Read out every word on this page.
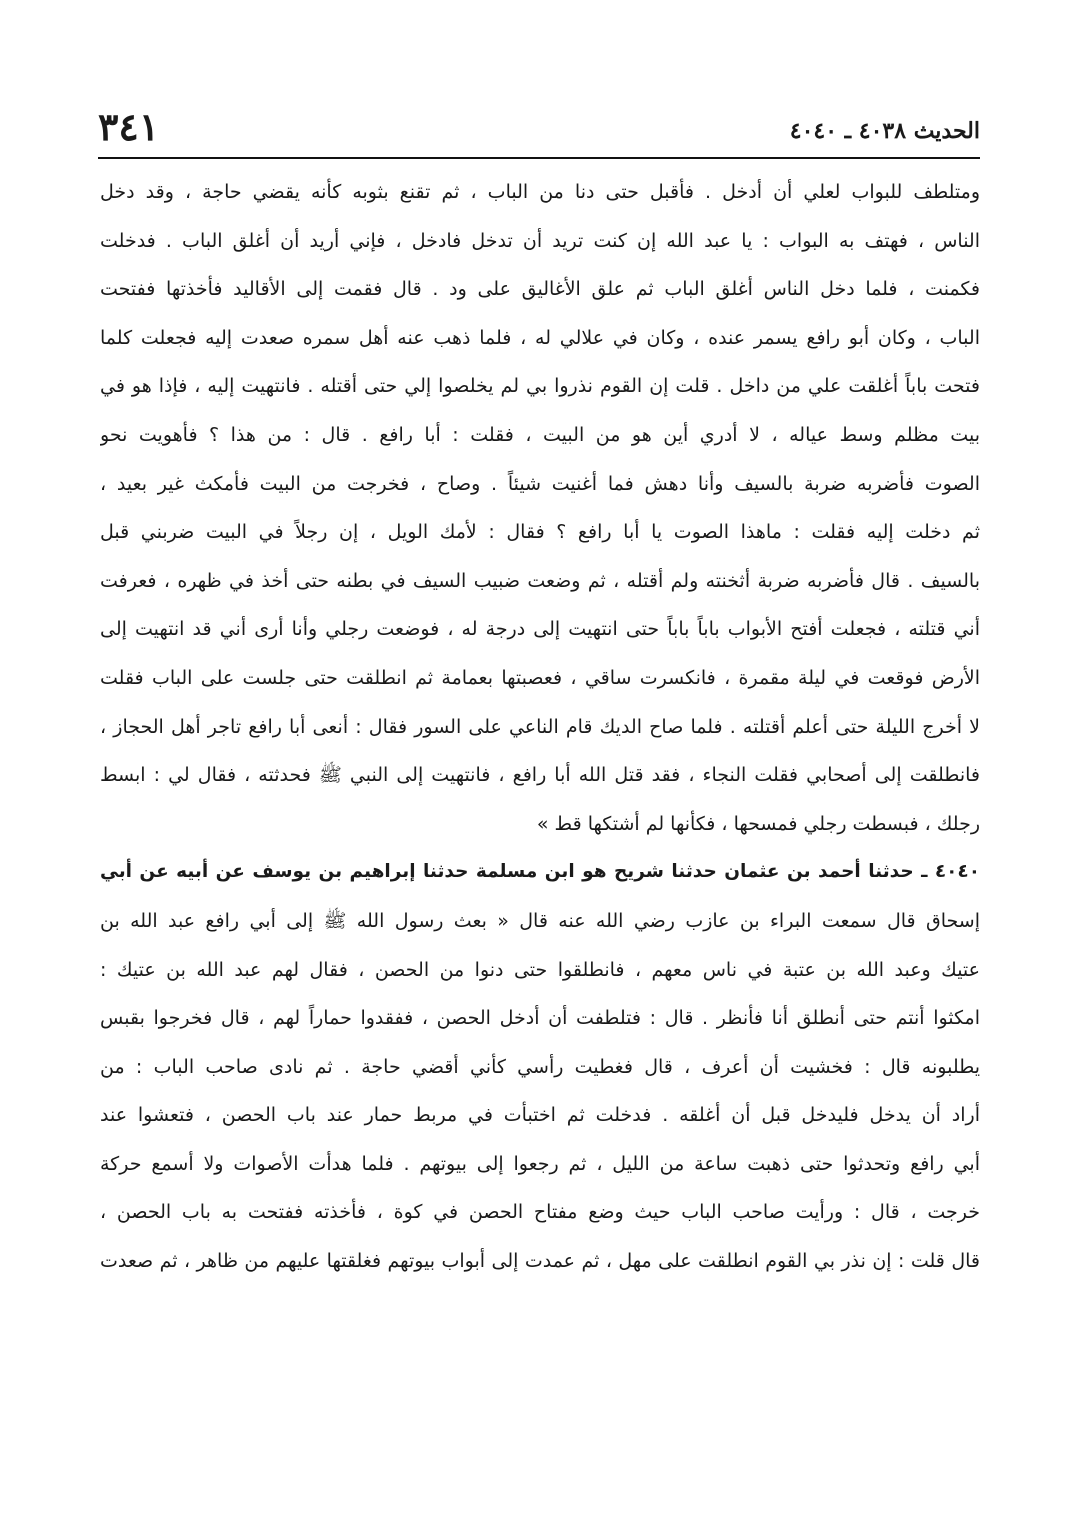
٣٤١	الحديث ٤٠٣٨ ـ ٤٠٤٠
ومتلطف للبواب لعلي أن أدخل . فأقبل حتى دنا من الباب ، ثم تقنع بثوبه كأنه يقضي حاجة ، وقد دخل
الناس ، فهتف به البواب : يا عبد الله إن كنت تريد أن تدخل فادخل ، فإني أريد أن أغلق الباب . فدخلت
فكمنت ، فلما دخل الناس أغلق الباب ثم علق الأغاليق على ود . قال فقمت إلى الأقاليد فأخذتها ففتحت
الباب ، وكان أبو رافع يسمر عنده ، وكان في علالي له ، فلما ذهب عنه أهل سمره صعدت إليه فجعلت كلما
فتحت باباً أغلقت علي من داخل . قلت إن القوم نذروا بي لم يخلصوا إلي حتى أقتله . فانتهيت إليه ، فإذا هو في
بيت مظلم وسط عياله ، لا أدري أين هو من البيت ، فقلت : أبا رافع . قال : من هذا ؟ فأهويت نحو
الصوت فأضربه ضربة بالسيف وأنا دهش فما أغنيت شيئاً . وصاح ، فخرجت من البيت فأمكث غير بعيد ،
ثم دخلت إليه فقلت : ماهذا الصوت يا أبا رافع ؟ فقال : لأمك الويل ، إن رجلاً في البيت ضربني قبل
بالسيف . قال فأضربه ضربة أثخنته ولم أقتله ، ثم وضعت ضبيب السيف في بطنه حتى أخذ في ظهره ، فعرفت
أني قتلته ، فجعلت أفتح الأبواب باباً باباً حتى انتهيت إلى درجة له ، فوضعت رجلي وأنا أرى أني قد انتهيت إلى
الأرض فوقعت في ليلة مقمرة ، فانكسرت ساقي ، فعصبتها بعمامة ثم انطلقت حتى جلست على الباب فقلت
لا أخرج الليلة حتى أعلم أقتلته . فلما صاح الديك قام الناعي على السور فقال : أنعى أبا رافع تاجر أهل الحجاز ،
فانطلقت إلى أصحابي فقلت النجاء ، فقد قتل الله أبا رافع ، فانتهيت إلى النبي ﷺ فحدثته ، فقال لي : ابسط
رجلك ، فبسطت رجلي فمسحها ، فكأنها لم أشتكها قط »
٤٠٤٠ ـ حدثنا أحمد بن عثمان حدثنا شريح هو ابن مسلمة حدثنا إبراهيم بن يوسف عن أبيه عن أبي
إسحاق قال سمعت البراء بن عازب رضي الله عنه قال « بعث رسول الله ﷺ إلى أبي رافع عبد الله بن
عتيك وعبد الله بن عتبة في ناس معهم ، فانطلقوا حتى دنوا من الحصن ، فقال لهم عبد الله بن عتيك :
امكثوا أنتم حتى أنطلق أنا فأنظر . قال : فتلطفت أن أدخل الحصن ، ففقدوا حماراً لهم ، قال فخرجوا بقبس
يطلبونه قال : فخشيت أن أعرف ، قال فغطيت رأسي كأني أقضي حاجة . ثم نادى صاحب الباب : من
أراد أن يدخل فليدخل قبل أن أغلقه . فدخلت ثم اختبأت في مربط حمار عند باب الحصن ، فتعشوا عند
أبي رافع وتحدثوا حتى ذهبت ساعة من الليل ، ثم رجعوا إلى بيوتهم . فلما هدأت الأصوات ولا أسمع حركة
خرجت ، قال : ورأيت صاحب الباب حيث وضع مفتاح الحصن في كوة ، فأخذته ففتحت به باب الحصن ،
قال قلت : إن نذر بي القوم انطلقت على مهل ، ثم عمدت إلى أبواب بيوتهم فغلقتها عليهم من ظاهر ، ثم صعدت
